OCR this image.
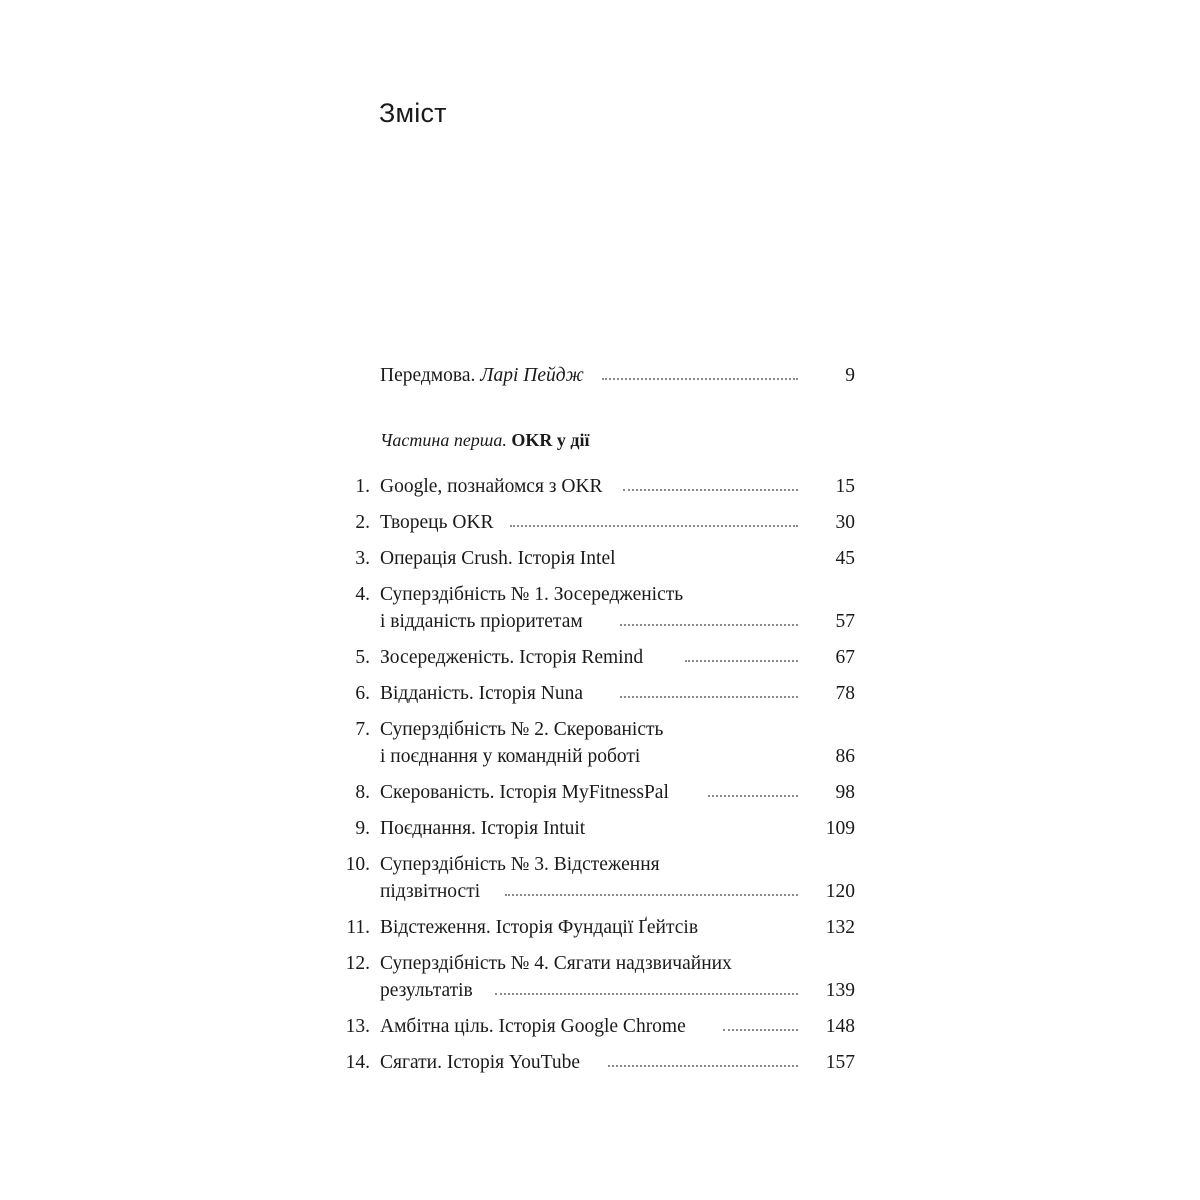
Зміст
Передмова. Ларі Пейдж	9
Частина перша. OKR у дії
1. Google, познайомся з OKR	15
2. Творець OKR	30
3. Операція Crush. Історія Intel	45
4. Суперздібність № 1. Зосередженість
і відданість пріоритетам	57
5. Зосередженість. Історія Remind	67
6. Відданість. Історія Nuna	78
7. Суперздібність № 2. Скерованість
і поєднання у командній роботі	86
8. Скерованість. Історія MyFitnessPal	98
9. Поєднання. Історія Intuit	109
10. Суперздібність № 3. Відстеження
підзвітності	120
11. Відстеження. Історія Фундації Ґейтсів	132
12. Суперздібність № 4. Сягати надзвичайних
результатів	139
13. Амбітна ціль. Історія Google Chrome	148
14. Сягати. Історія YouTube	157
